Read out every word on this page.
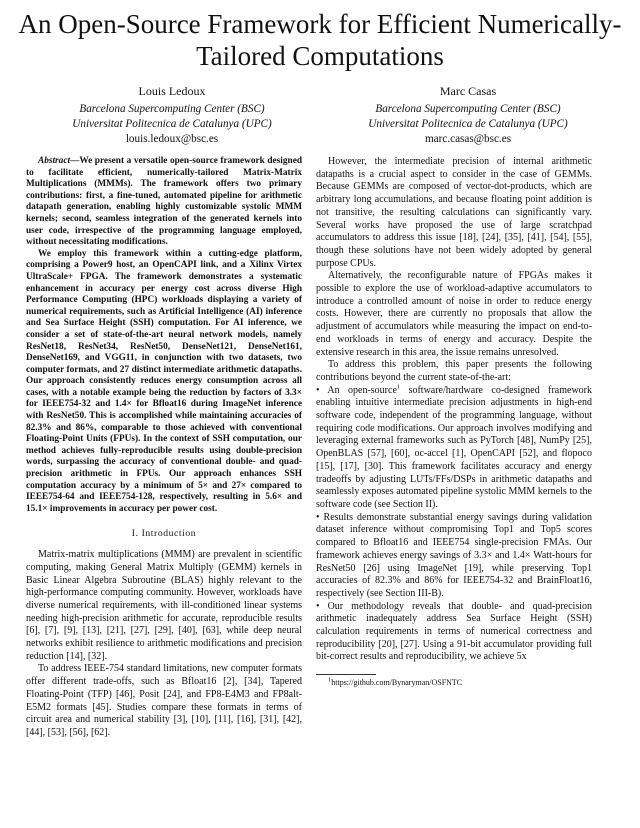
An Open-Source Framework for Efficient Numerically-Tailored Computations
Louis Ledoux
Barcelona Supercomputing Center (BSC)
Universitat Politecnica de Catalunya (UPC)
louis.ledoux@bsc.es
Marc Casas
Barcelona Supercomputing Center (BSC)
Universitat Politecnica de Catalunya (UPC)
marc.casas@bsc.es

Abstract—We present a versatile open-source framework designed to facilitate efficient, numerically-tailored Matrix-Matrix Multiplications (MMMs). The framework offers two primary contributions: first, a fine-tuned, automated pipeline for arithmetic datapath generation, enabling highly customizable systolic MMM kernels; second, seamless integration of the generated kernels into user code, irrespective of the programming language employed, without necessitating modifications.

We employ this framework within a cutting-edge platform, comprising a Power9 host, an OpenCAPI link, and a Xilinx Virtex UltraScale+ FPGA. The framework demonstrates a systematic enhancement in accuracy per energy cost across diverse High Performance Computing (HPC) workloads displaying a variety of numerical requirements, such as Artificial Intelligence (AI) inference and Sea Surface Height (SSH) computation. For AI inference, we consider a set of state-of-the-art neural network models, namely ResNet18, ResNet34, ResNet50, DenseNet121, DenseNet161, DenseNet169, and VGG11, in conjunction with two datasets, two computer formats, and 27 distinct intermediate arithmetic datapaths. Our approach consistently reduces energy consumption across all cases, with a notable example being the reduction by factors of 3.3× for IEEE754-32 and 1.4× for Bfloat16 during ImageNet inference with ResNet50. This is accomplished while maintaining accuracies of 82.3% and 86%, comparable to those achieved with conventional Floating-Point Units (FPUs). In the context of SSH computation, our method achieves fully-reproducible results using double-precision words, surpassing the accuracy of conventional double- and quad-precision arithmetic in FPUs. Our approach enhances SSH computation accuracy by a minimum of 5× and 27× compared to IEEE754-64 and IEEE754-128, respectively, resulting in 5.6× and 15.1× improvements in accuracy per power cost.

I. Introduction

Matrix-matrix multiplications (MMM) are prevalent in scientific computing, making General Matrix Multiply (GEMM) kernels in Basic Linear Algebra Subroutine (BLAS) highly relevant to the high-performance computing community. However, workloads have diverse numerical requirements, with ill-conditioned linear systems needing high-precision arithmetic for accurate, reproducible results [6], [7], [9], [13], [21], [27], [29], [40], [63], while deep neural networks exhibit resilience to arithmetic modifications and precision reduction [14], [32].

To address IEEE-754 standard limitations, new computer formats offer different trade-offs, such as Bfloat16 [2], [34], Tapered Floating-Point (TFP) [46], Posit [24], and FP8-E4M3 and FP8alt-E5M2 formats [45]. Studies compare these formats in terms of circuit area and numerical stability [3], [10], [11], [16], [31], [42], [44], [53], [56], [62].

However, the intermediate precision of internal arithmetic datapaths is a crucial aspect to consider in the case of GEMMs. Because GEMMs are composed of vector-dot-products, which are arbitrary long accumulations, and because floating point addition is not transitive, the resulting calculations can significantly vary. Several works have proposed the use of large scratchpad accumulators to address this issue [18], [24], [35], [41], [54], [55], though these solutions have not been widely adopted by general purpose CPUs.

Alternatively, the reconfigurable nature of FPGAs makes it possible to explore the use of workload-adaptive accumulators to introduce a controlled amount of noise in order to reduce energy costs. However, there are currently no proposals that allow the adjustment of accumulators while measuring the impact on end-to-end workloads in terms of energy and accuracy. Despite the extensive research in this area, the issue remains unresolved.

To address this problem, this paper presents the following contributions beyond the current state-of-the-art:

• An open-source$^1$ software/hardware co-designed framework enabling intuitive intermediate precision adjustments in high-end software code, independent of the programming language, without requiring code modifications. Our approach involves modifying and leveraging external frameworks such as PyTorch [48], NumPy [25], OpenBLAS [57], [60], oc-accel [1], OpenCAPI [52], and flopoco [15], [17], [30]. This framework facilitates accuracy and energy tradeoffs by adjusting LUTs/FFs/DSPs in arithmetic datapaths and seamlessly exposes automated pipeline systolic MMM kernels to the software code (see Section II).

• Results demonstrate substantial energy savings during validation dataset inference without compromising Top1 and Top5 scores compared to Bfloat16 and IEEE754 single-precision FMAs. Our framework achieves energy savings of 3.3× and 1.4× Watt-hours for ResNet50 [26] using ImageNet [19], while preserving Top1 accuracies of 82.3% and 86% for IEEE754-32 and BrainFloat16, respectively (see Section III-B).

• Our methodology reveals that double- and quad-precision arithmetic inadequately address Sea Surface Height (SSH) calculation requirements in terms of numerical correctness and reproducibility [20], [27]. Using a 91-bit accumulator providing full bit-correct results and reproducibility, we achieve 5x

$^1$https://github.com/Bynaryman/OSFNTC
